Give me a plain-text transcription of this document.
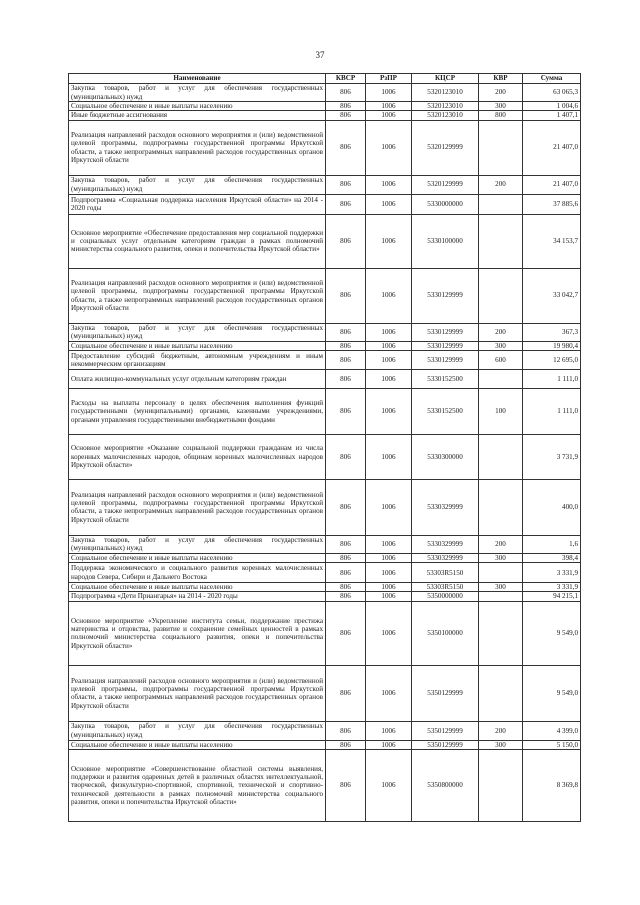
37
Наименование	КВСР	РзПР	КЦСР	КВР	Сумма
Закупка товаров, работ и услуг для обеспечения государственных (муниципальных) нужд	806	1006	5320123010	200	63 065,3
Социальное обеспечение и иные выплаты населению	806	1006	5320123010	300	1 004,6
Иные бюджетные ассигнования	806	1006	5320123010	800	1 407,1
Реализация направлений расходов основного мероприятия и (или) ведомственной целевой программы, подпрограммы государственной программы Иркутской области, а также непрограммных направлений расходов государственных органов Иркутской области	806	1006	5320129999		21 407,0
Закупка товаров, работ и услуг для обеспечения государственных (муниципальных) нужд	806	1006	5320129999	200	21 407,0
Подпрограмма «Социальная поддержка населения Иркутской области» на 2014 - 2020 годы	806	1006	5330000000		37 885,6
Основное мероприятие «Обеспечение предоставления мер социальной поддержки и социальных услуг отдельным категориям граждан в рамках полномочий министерства социального развития, опеки и попечительства Иркутской области»	806	1006	5330100000		34 153,7
Реализация направлений расходов основного мероприятия и (или) ведомственной целевой программы, подпрограммы государственной программы Иркутской области, а также непрограммных направлений расходов государственных органов Иркутской области	806	1006	5330129999		33 042,7
Закупка товаров, работ и услуг для обеспечения государственных (муниципальных) нужд	806	1006	5330129999	200	367,3
Социальное обеспечение и иные выплаты населению	806	1006	5330129999	300	19 980,4
Предоставление субсидий бюджетным, автономным учреждениям и иным некоммерческим организациям	806	1006	5330129999	600	12 695,0
Оплата жилищно-коммунальных услуг отдельным категориям граждан	806	1006	5330152500		1 111,0
Расходы на выплаты персоналу в целях обеспечения выполнения функций государственными (муниципальными) органами, казенными учреждениями, органами управления государственными внебюджетными фондами	806	1006	5330152500	100	1 111,0
Основное мероприятие «Оказание социальной поддержки гражданам из числа коренных малочисленных народов, общинам коренных малочисленных народов Иркутской области»	806	1006	5330300000		3 731,9
Реализация направлений расходов основного мероприятия и (или) ведомственной целевой программы, подпрограммы государственной программы Иркутской области, а также непрограммных направлений расходов государственных органов Иркутской области	806	1006	5330329999		400,0
Закупка товаров, работ и услуг для обеспечения государственных (муниципальных) нужд	806	1006	5330329999	200	1,6
Социальное обеспечение и иные выплаты населению	806	1006	5330329999	300	398,4
Поддержка экономического и социального развития коренных малочисленных народов Севера, Сибири и Дальнего Востока	806	1006	53303R5150		3 331,9
Социальное обеспечение и иные выплаты населению	806	1006	53303R5150	300	3 331,9
Подпрограмма «Дети Приангарья» на 2014 - 2020 годы	806	1006	5350000000		94 215,1
Основное мероприятие «Укрепление института семьи, поддержание престижа материнства и отцовства, развитие и сохранение семейных ценностей в рамках полномочий министерства социального развития, опеки и попечительства Иркутской области»	806	1006	5350100000		9 549,0
Реализация направлений расходов основного мероприятия и (или) ведомственной целевой программы, подпрограммы государственной программы Иркутской области, а также непрограммных направлений расходов государственных органов Иркутской области	806	1006	5350129999		9 549,0
Закупка товаров, работ и услуг для обеспечения государственных (муниципальных) нужд	806	1006	5350129999	200	4 399,0
Социальное обеспечение и иные выплаты населению	806	1006	5350129999	300	5 150,0
Основное мероприятие «Совершенствование областной системы выявления, поддержки и развития одаренных детей в различных областях интеллектуальной, творческой, физкультурно-спортивной, спортивной, технической и спортивно-технической деятельности в рамках полномочий министерства социального развития, опеки и попечительства Иркутской области»	806	1006	5350800000		8 369,8
